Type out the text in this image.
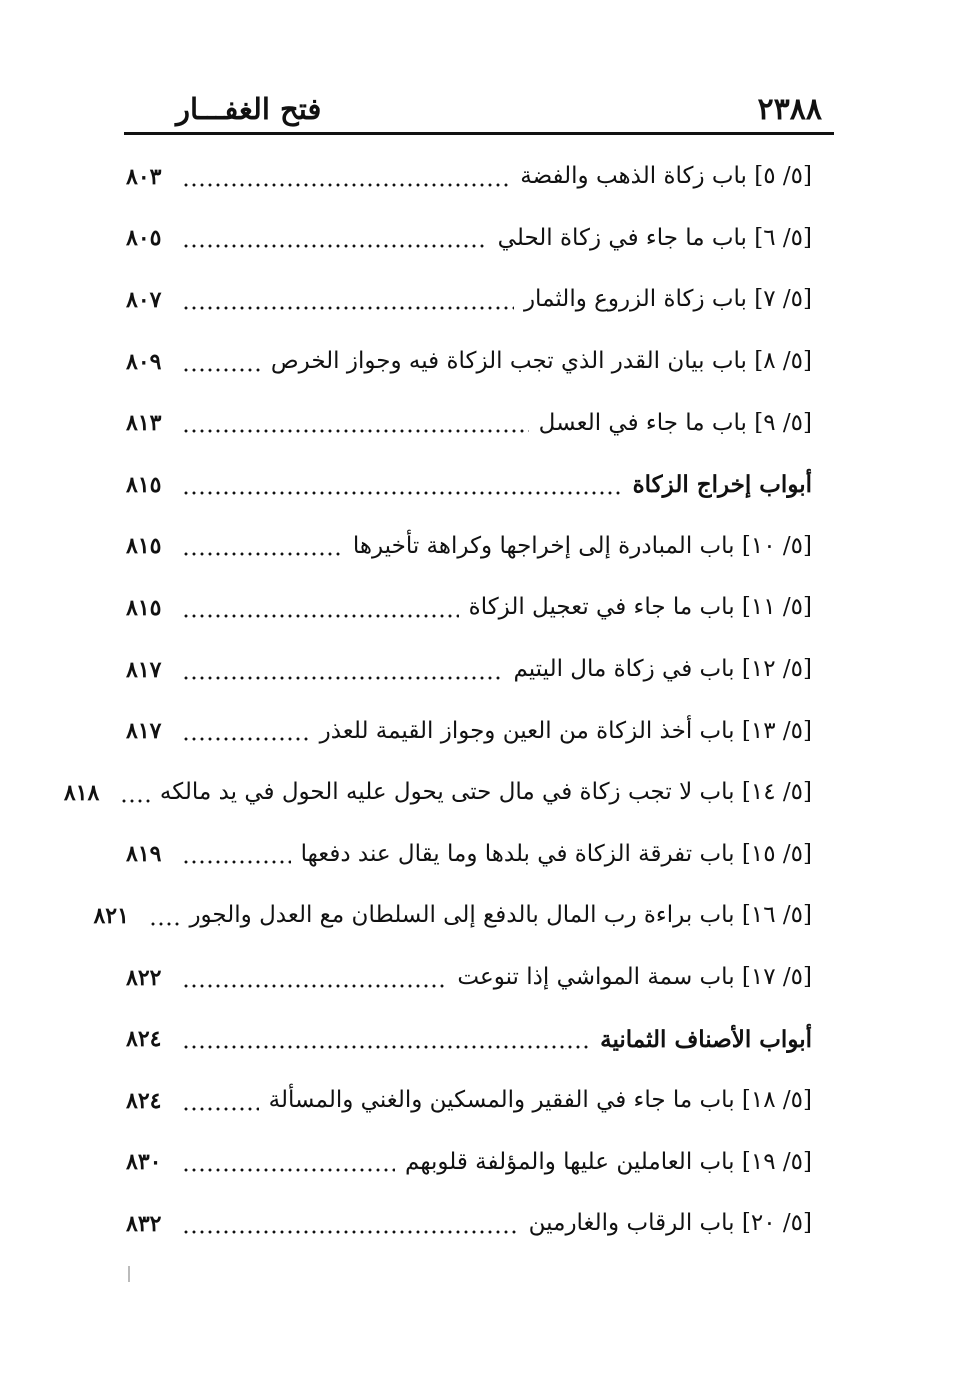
٢٣٨٨
فتح الغفـــار
[٥/ ٥] باب زكاة الذهب والفضة
٨٠٣
[٥/ ٦] باب ما جاء في زكاة الحلي
٨٠٥
[٥/ ٧] باب زكاة الزروع والثمار
٨٠٧
[٥/ ٨] باب بيان القدر الذي تجب الزكاة فيه وجواز الخرص
٨٠٩
[٥/ ٩] باب ما جاء في العسل
٨١٣
أبواب إخراج الزكاة
٨١٥
[٥/ ١٠] باب المبادرة إلى إخراجها وكراهة تأخيرها
٨١٥
[٥/ ١١] باب ما جاء في تعجيل الزكاة
٨١٥
[٥/ ١٢] باب في زكاة مال اليتيم
٨١٧
[٥/ ١٣] باب أخذ الزكاة من العين وجواز القيمة للعذر
٨١٧
[٥/ ١٤] باب لا تجب زكاة في مال حتى يحول عليه الحول في يد مالكه
٨١٨
[٥/ ١٥] باب تفرقة الزكاة في بلدها وما يقال عند دفعها
٨١٩
[٥/ ١٦] باب براءة رب المال بالدفع إلى السلطان مع العدل والجور
٨٢١
[٥/ ١٧] باب سمة المواشي إذا تنوعت
٨٢٢
أبواب الأصناف الثمانية
٨٢٤
[٥/ ١٨] باب ما جاء في الفقير والمسكين والغني والمسألة
٨٢٤
[٥/ ١٩] باب العاملين عليها والمؤلفة قلوبهم
٨٣٠
[٥/ ٢٠] باب الرقاب والغارمين
٨٣٢
